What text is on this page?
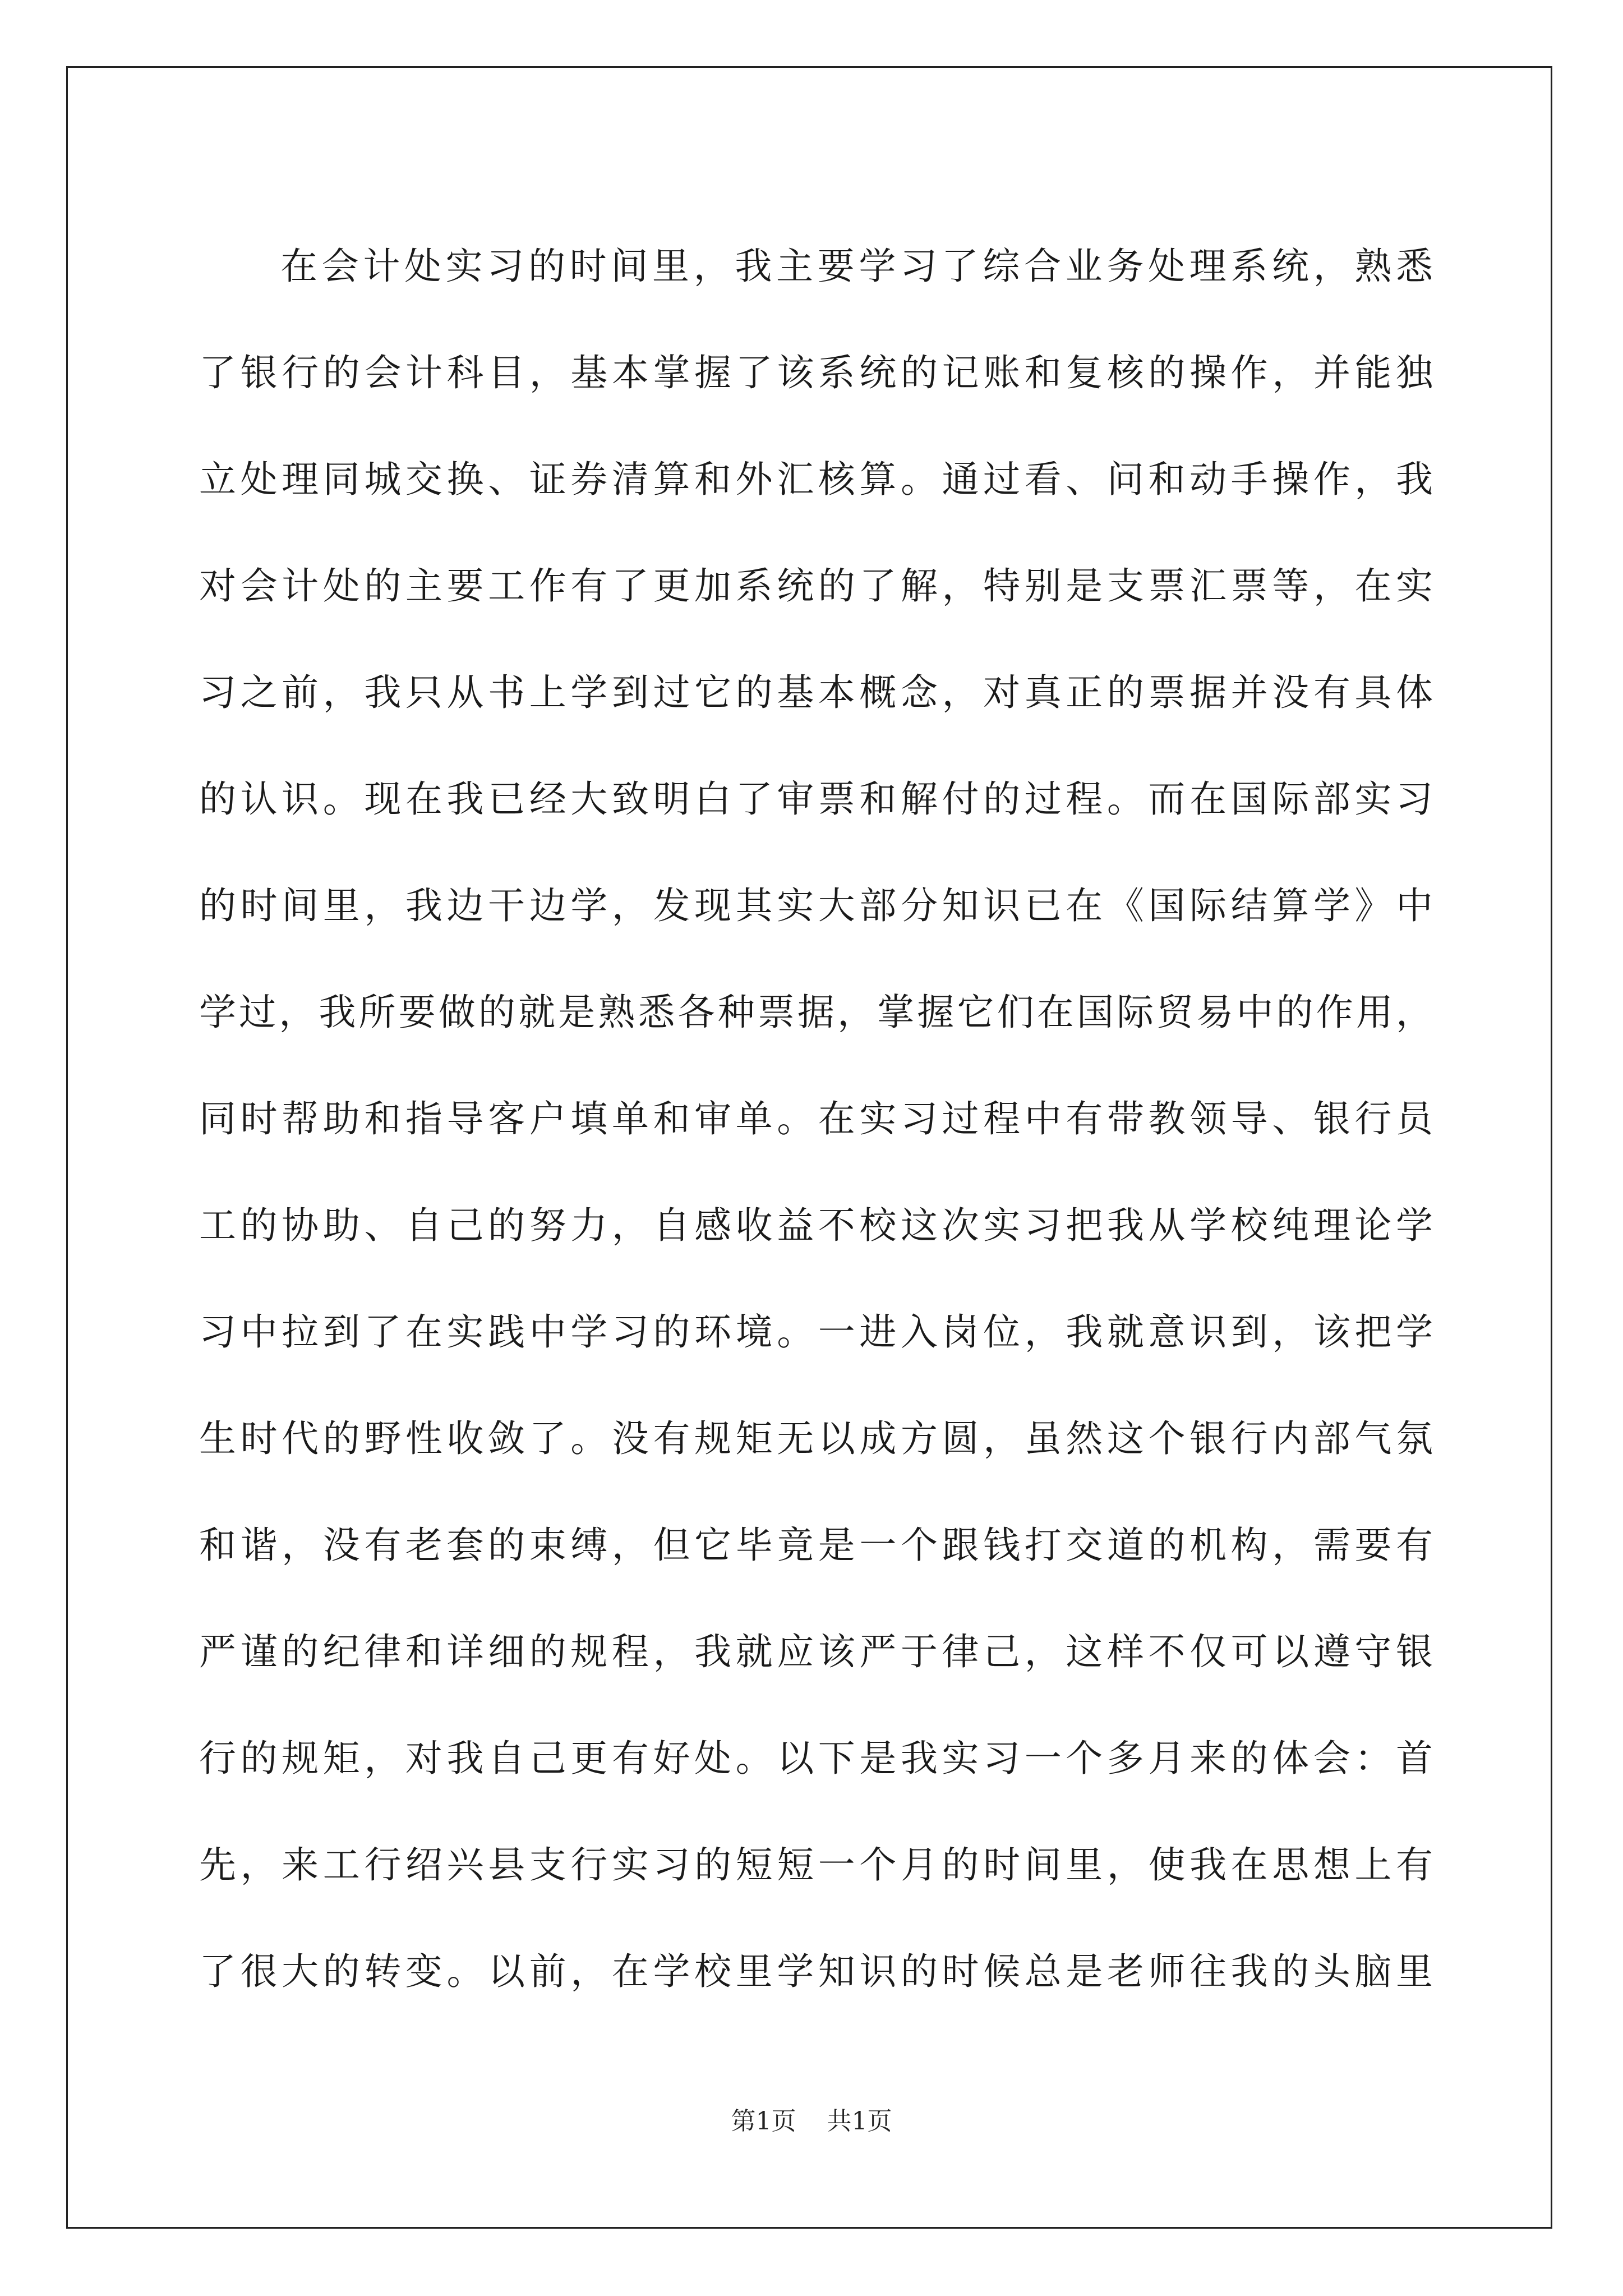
在会计处实习的时间里，我主要学习了综合业务处理系统，熟悉
了银行的会计科目，基本掌握了该系统的记账和复核的操作，并能独
立处理同城交换、证券清算和外汇核算。通过看、问和动手操作，我
对会计处的主要工作有了更加系统的了解，特别是支票汇票等，在实
习之前，我只从书上学到过它的基本概念，对真正的票据并没有具体
的认识。现在我已经大致明白了审票和解付的过程。而在国际部实习
的时间里，我边干边学，发现其实大部分知识已在《国际结算学》中
学过，我所要做的就是熟悉各种票据，掌握它们在国际贸易中的作用，
同时帮助和指导客户填单和审单。在实习过程中有带教领导、银行员
工的协助、自己的努力，自感收益不校这次实习把我从学校纯理论学
习中拉到了在实践中学习的环境。一进入岗位，我就意识到，该把学
生时代的野性收敛了。没有规矩无以成方圆，虽然这个银行内部气氛
和谐，没有老套的束缚，但它毕竟是一个跟钱打交道的机构，需要有
严谨的纪律和详细的规程，我就应该严于律己，这样不仅可以遵守银
行的规矩，对我自己更有好处。以下是我实习一个多月来的体会：首
先，来工行绍兴县支行实习的短短一个月的时间里，使我在思想上有
了很大的转变。以前，在学校里学知识的时候总是老师往我的头脑里
第1页 共1页
